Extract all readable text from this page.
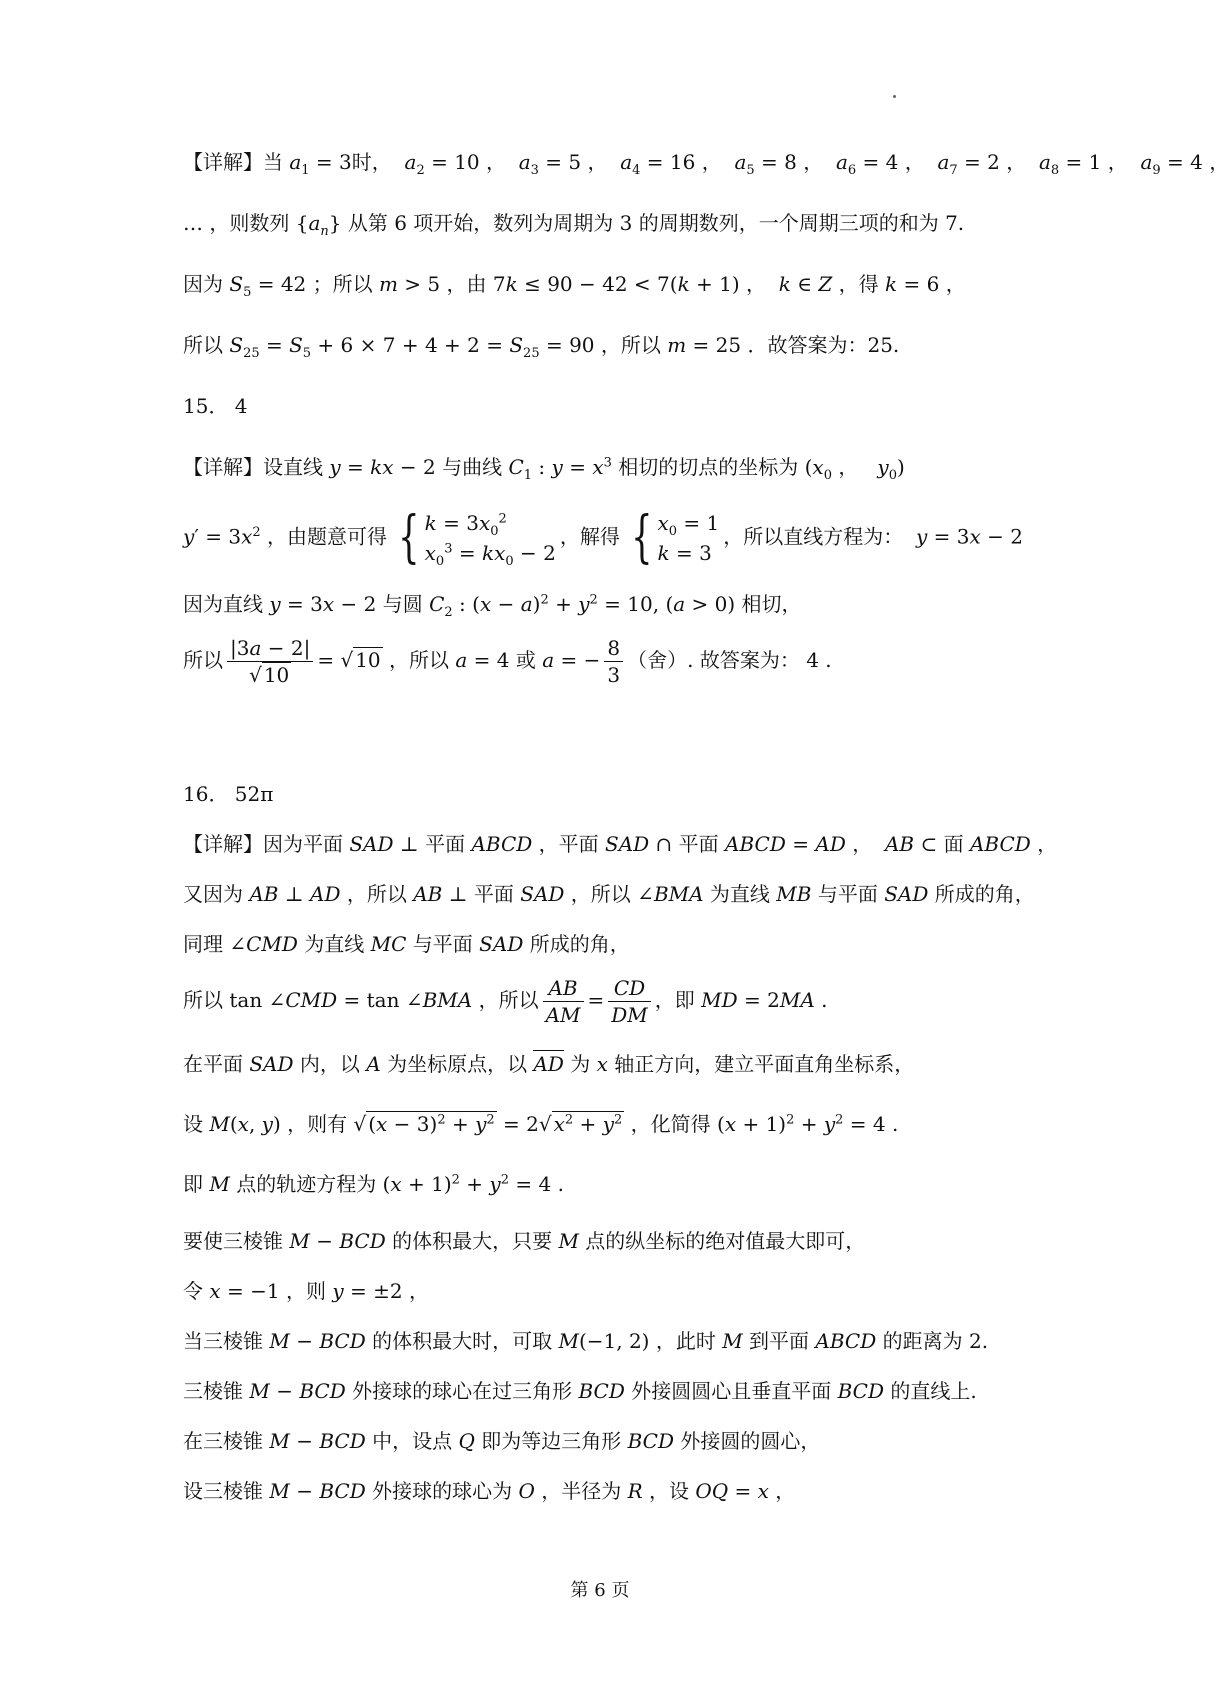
【详解】当 $a_1 = 3$时，  $a_2 = 10$ ，  $a_3 = 5$ ，  $a_4 = 16$ ，  $a_5 = 8$ ，  $a_6 = 4$ ，  $a_7 = 2$ ，  $a_8 = 1$ ，  $a_9 = 4$ ，
… ，则数列 $\{a_n\}$ 从第 6 项开始，数列为周期为 3 的周期数列，一个周期三项的和为 7.
因为 $S_5 = 42$ ；所以 m > 5 ，由 7k ≤ 90 − 42 < 7(k + 1) ，  k ∈ Z ，得 k = 6 ，
所以 $S_{25} = S_5 + 6 \times 7 + 4 + 2 = S_{25} = 90$ ，所以 m = 25 ．故答案为：25.
15． 4
【详解】设直线 y = kx − 2 与曲线 $C_1$ : $y = x^3$ 相切的切点的坐标为 ($x_0$ ，   $y_0$)
$y' = 3x^2$ ，由题意可得 { $k = 3x_0^2$
$x_0^3 = kx_0 - 2$
，解得 { $x_0 = 1$
k = 3
，所以直线方程为：  y = 3x − 2
因为直线 y = 3x − 2 与圆 $C_2$ : $(x - a)^2 + y^2 = 10$, (a > 0) 相切，
所以 $\frac{|3a - 2|}{√ 10}$ = √ 10 ，所以 a = 4 或 a = − $\frac{8}{3}$ （舍）. 故答案为： 4 .
16． 52π
【详解】因为平面 SAD ⊥ 平面 ABCD ，平面 SAD ∩ 平面 ABCD = AD ，  AB ⊂ 面 ABCD ，
又因为 AB ⊥ AD ，所以 AB ⊥ 平面 SAD ，所以 ∠BMA 为直线 MB 与平面 SAD 所成的角，
同理 ∠CMD 为直线 MC 与平面 SAD 所成的角，
所以 tan ∠CMD = tan ∠BMA ，所以 $\frac{AB}{AM} = \frac{CD}{DM}$ ，即 MD = 2MA .
在平面 SAD 内，以 A 为坐标原点，以 AD 为 x 轴正方向，建立平面直角坐标系，
设 M(x, y) ，则有 √ $(x - 3)^2 + y^2 = 2√$ $x^2 + y^2$ ，化简得 $(x + 1)^2 + y^2 = 4$ .
即 M 点的轨迹方程为 $(x + 1)^2 + y^2 = 4$ .
要使三棱锥 M − BCD 的体积最大，只要 M 点的纵坐标的绝对值最大即可，
令 x = −1 ，则 y = ±2 ，
当三棱锥 M − BCD 的体积最大时，可取 M(−1, 2) ，此时 M 到平面 ABCD 的距离为 2.
三棱锥 M − BCD 外接球的球心在过三角形 BCD 外接圆圆心且垂直平面 BCD 的直线上.
在三棱锥 M − BCD 中，设点 Q 即为等边三角形 BCD 外接圆的圆心，
设三棱锥 M − BCD 外接球的球心为 O ，半径为 R ，设 OQ = x ，
第 6 页
